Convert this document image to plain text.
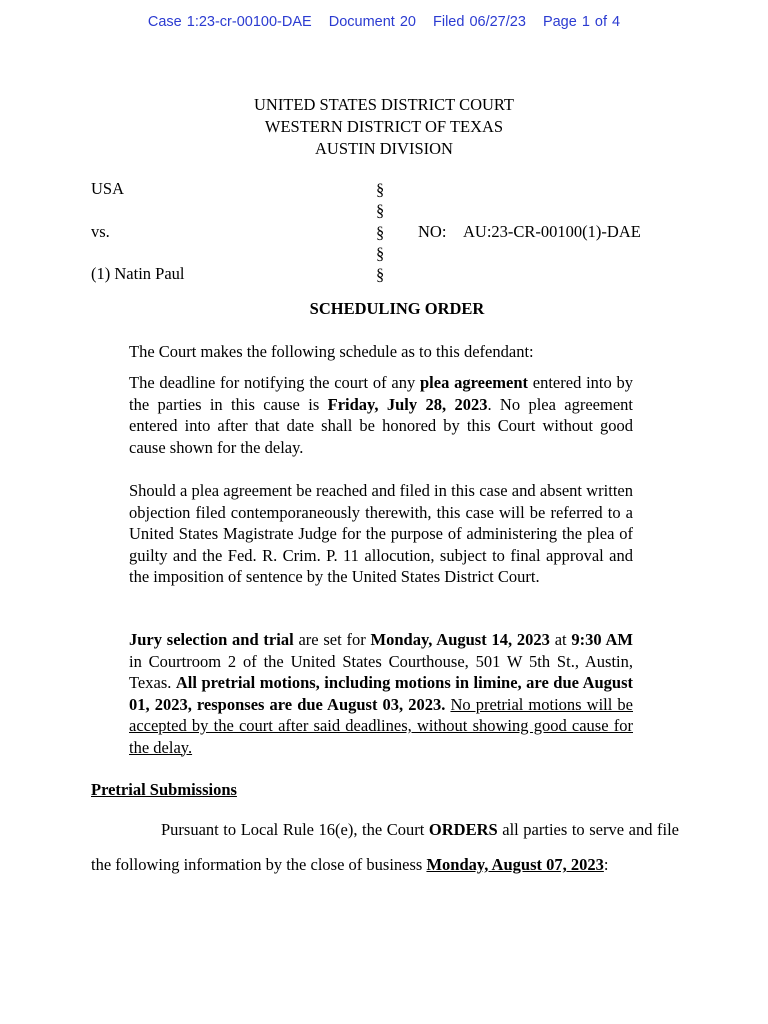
Case 1:23-cr-00100-DAE Document 20 Filed 06/27/23 Page 1 of 4
UNITED STATES DISTRICT COURT
WESTERN DISTRICT OF TEXAS
AUSTIN DIVISION
USA
vs.
(1) Natin Paul
§
§
§
§
§
NO: AU:23-CR-00100(1)-DAE
SCHEDULING ORDER
The Court makes the following schedule as to this defendant:
The deadline for notifying the court of any plea agreement entered into by the parties in this cause is Friday, July 28, 2023. No plea agreement entered into after that date shall be honored by this Court without good cause shown for the delay.
Should a plea agreement be reached and filed in this case and absent written objection filed contemporaneously therewith, this case will be referred to a United States Magistrate Judge for the purpose of administering the plea of guilty and the Fed. R. Crim. P. 11 allocution, subject to final approval and the imposition of sentence by the United States District Court.
Jury selection and trial are set for Monday, August 14, 2023 at 9:30 AM in Courtroom 2 of the United States Courthouse, 501 W 5th St., Austin, Texas. All pretrial motions, including motions in limine, are due August 01, 2023, responses are due August 03, 2023. No pretrial motions will be accepted by the court after said deadlines, without showing good cause for the delay.
Pretrial Submissions
Pursuant to Local Rule 16(e), the Court ORDERS all parties to serve and file the following information by the close of business Monday, August 07, 2023:
